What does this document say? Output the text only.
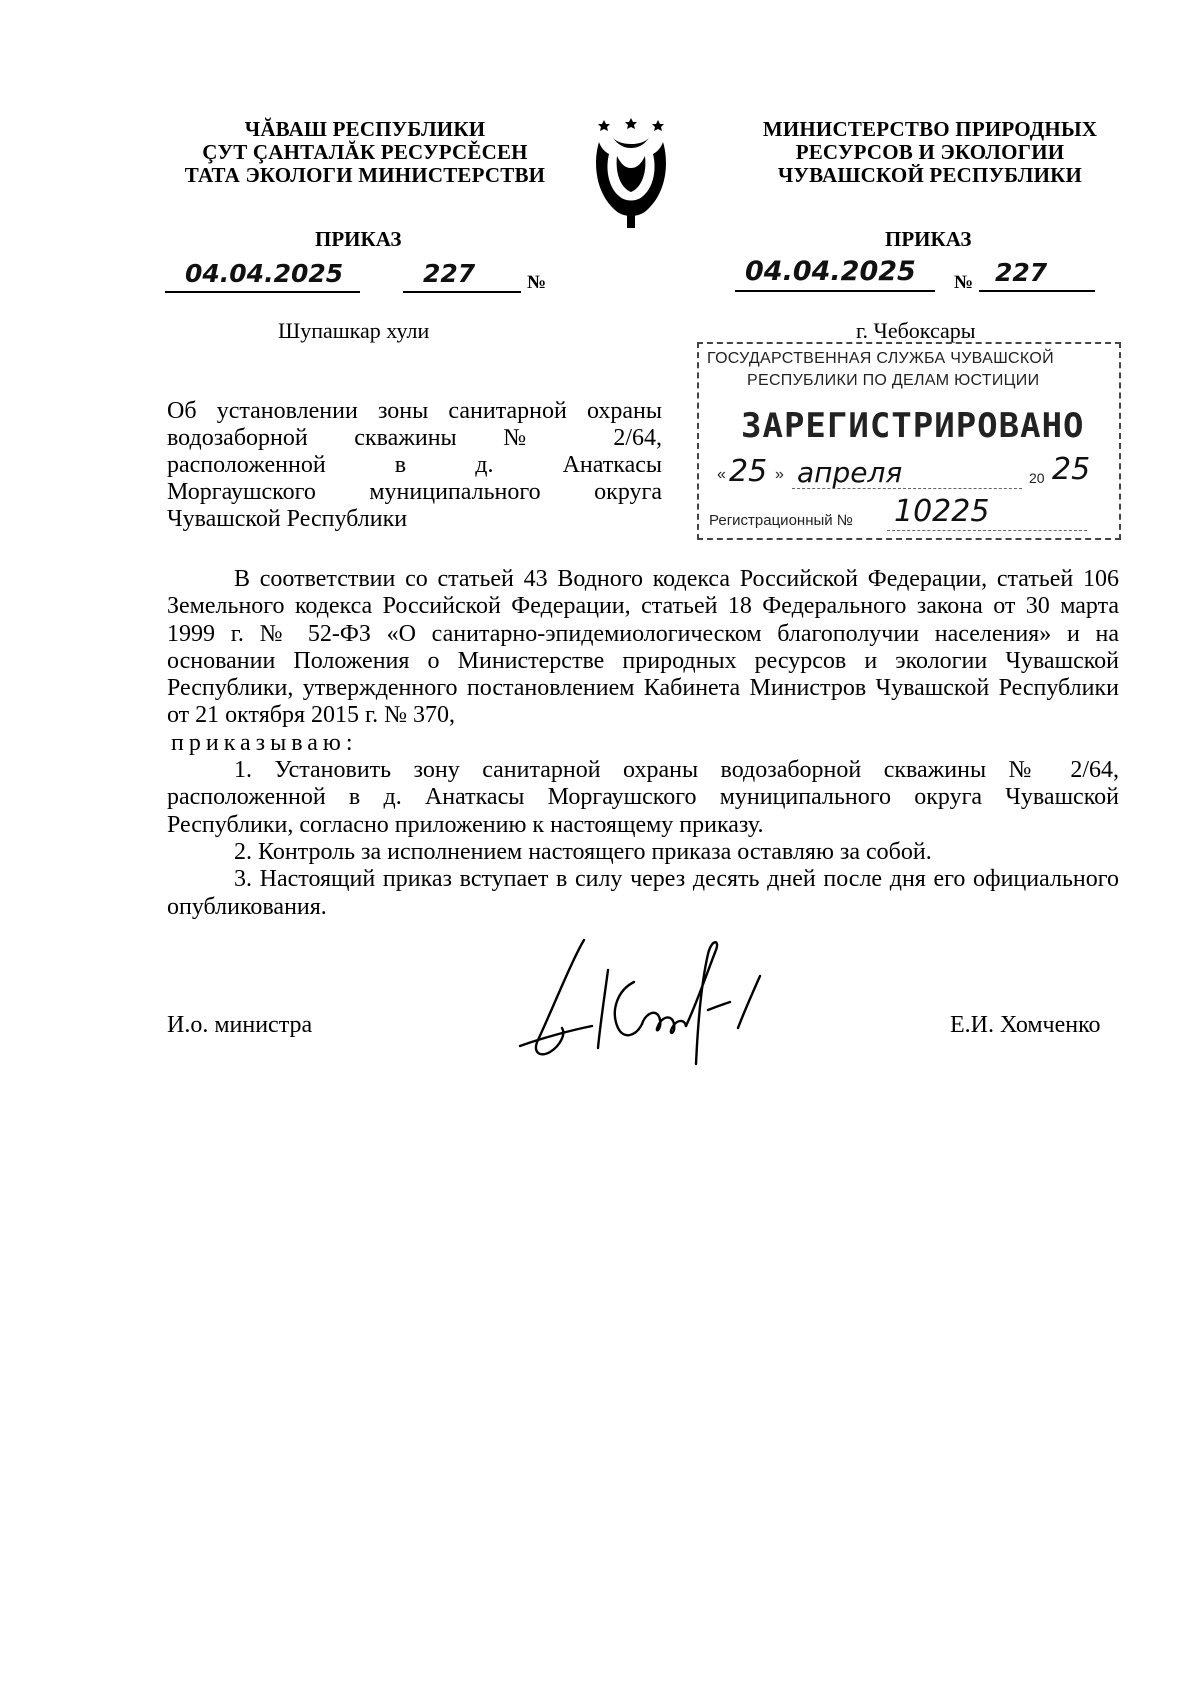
ЧĂВАШ РЕСПУБЛИКИ
ÇУТ ÇАНТАЛĂК РЕСУРСĚСЕН
ТАТА ЭКОЛОГИ МИНИСТЕРСТВИ
МИНИСТЕРСТВО ПРИРОДНЫХ
РЕСУРСОВ И ЭКОЛОГИИ
ЧУВАШСКОЙ РЕСПУБЛИКИ
ПРИКАЗ	ПРИКАЗ
04.04.2025	227	№	04.04.2025 № 227
Шупашкар хули	г. Чебоксары
ГОСУДАРСТВЕННАЯ СЛУЖБА ЧУВАШСКОЙ
РЕСПУБЛИКИ ПО ДЕЛАМ ЮСТИЦИИ
ЗАРЕГИСТРИРОВАНО
« 25 » апреля	20 25
Регистрационный № 10225
Об установлении зоны санитарной охраны
водозаборной скважины № 2/64,
расположенной в д. Анаткасы
Моргаушского муниципального округа
Чувашской Республики

В соответствии со статьей 43 Водного кодекса Российской Федерации, статьей 106 Земельного кодекса Российской Федерации, статьей 18 Федерального закона от 30 марта 1999 г. № 52-ФЗ «О санитарно-эпидемиологическом благополучии населения» и на основании Положения о Министерстве природных ресурсов и экологии Чувашской Республики, утвержденного постановлением Кабинета Министров Чувашской Республики от 21 октября 2015 г. № 370,

приказываю:

1. Установить зону санитарной охраны водозаборной скважины № 2/64, расположенной в д. Анаткасы Моргаушского муниципального округа Чувашской Республики, согласно приложению к настоящему приказу.

2. Контроль за исполнением настоящего приказа оставляю за собой.

3. Настоящий приказ вступает в силу через десять дней после дня его официального опубликования.

И.о. министра	Е.И. Хомченко
